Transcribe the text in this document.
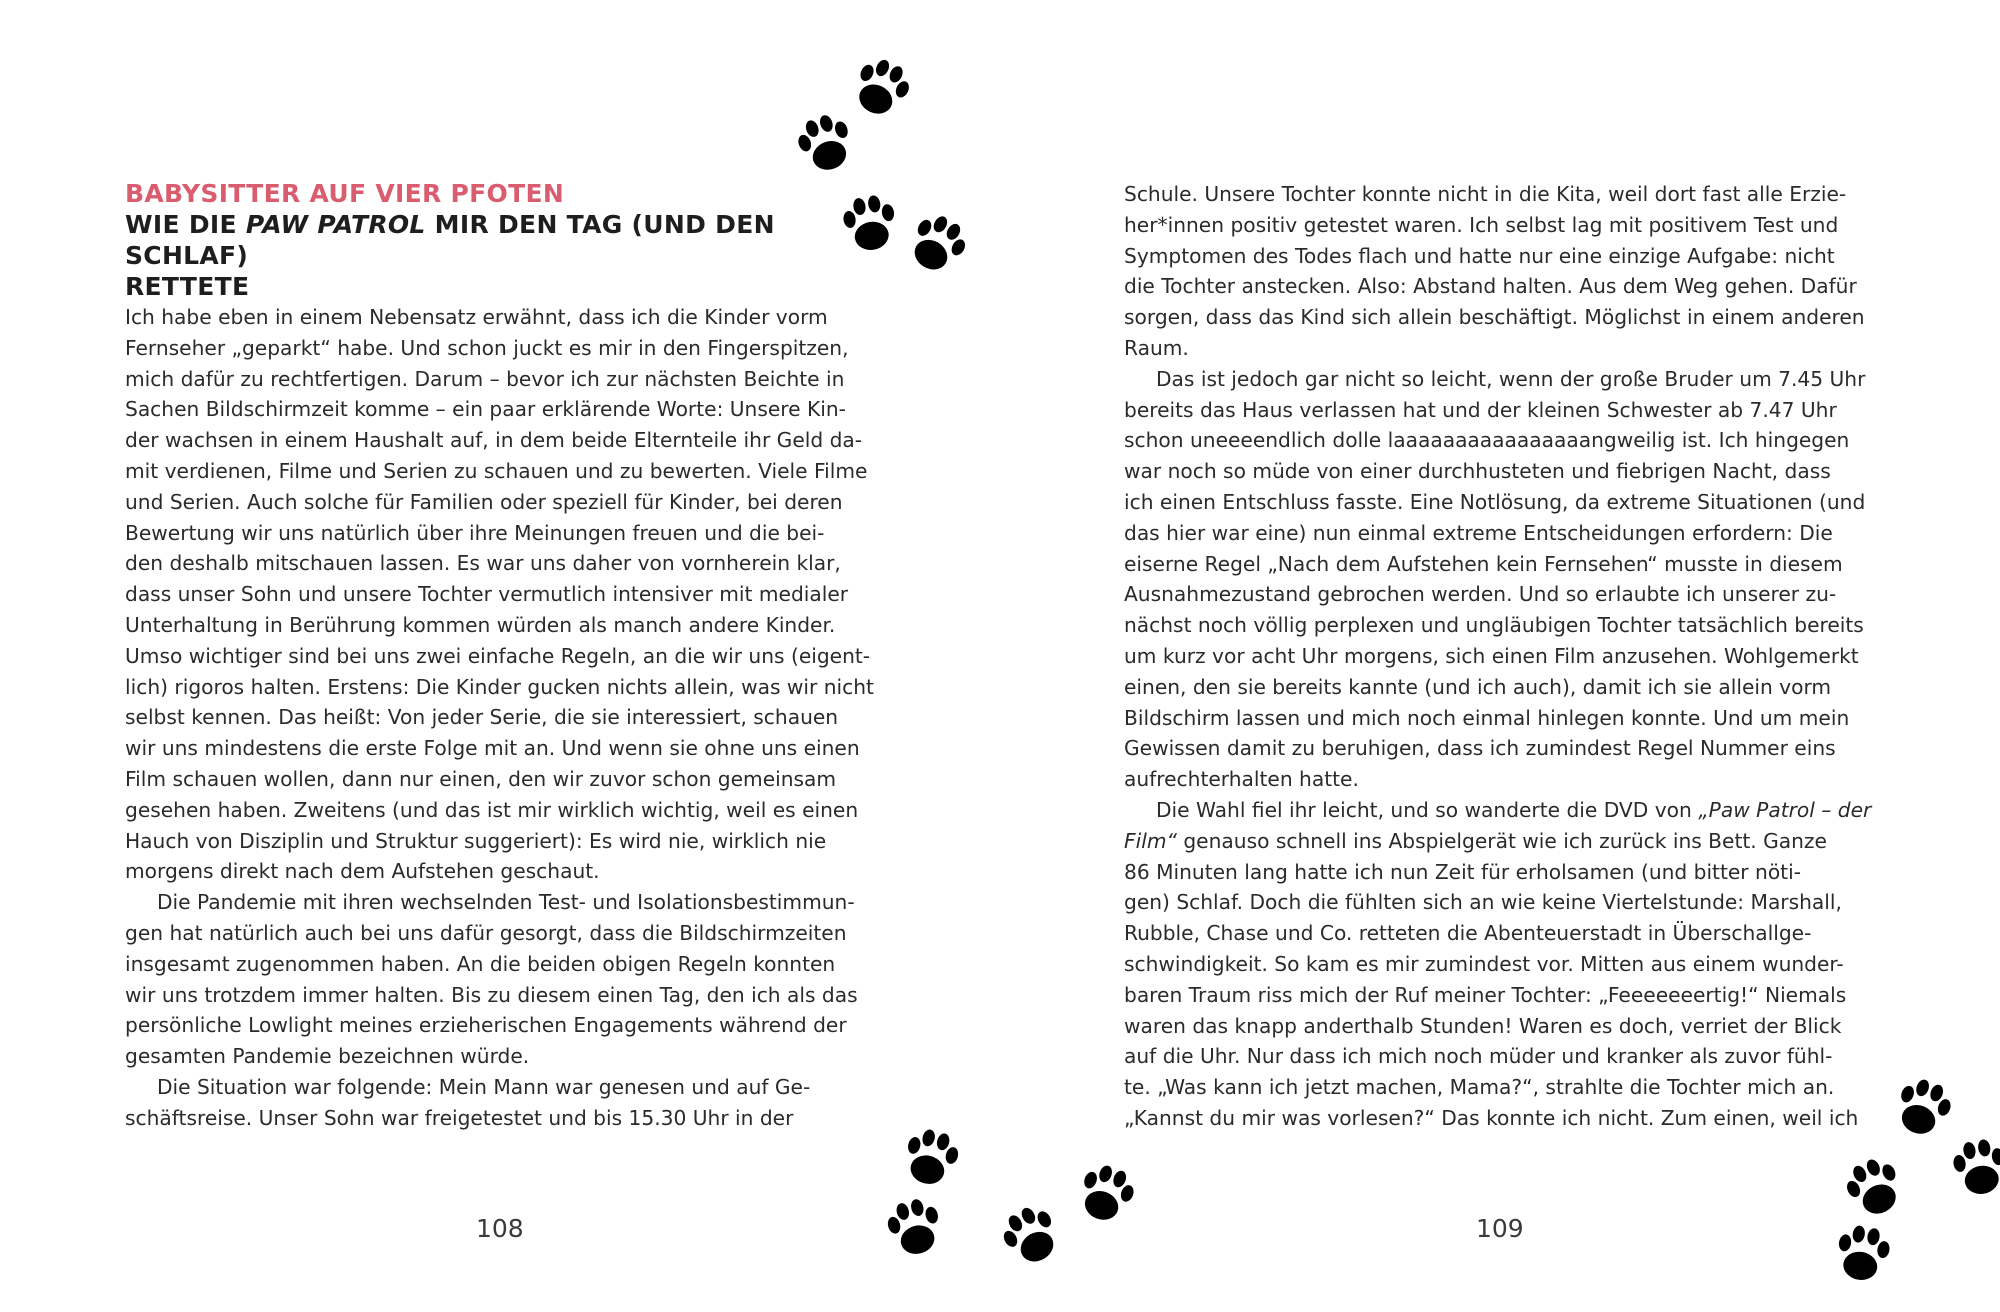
BABYSITTER AUF VIER PFOTEN
WIE DIE PAW PATROL MIR DEN TAG (UND DEN SCHLAF)
RETTETE
Ich habe eben in einem Nebensatz erwähnt, dass ich die Kinder vorm
Fernseher „geparkt“ habe. Und schon juckt es mir in den Fingerspitzen,
mich dafür zu rechtfertigen. Darum – bevor ich zur nächsten Beichte in
Sachen Bildschirmzeit komme – ein paar erklärende Worte: Unsere Kin-
der wachsen in einem Haushalt auf, in dem beide Elternteile ihr Geld da-
mit verdienen, Filme und Serien zu schauen und zu bewerten. Viele Filme
und Serien. Auch solche für Familien oder speziell für Kinder, bei deren
Bewertung wir uns natürlich über ihre Meinungen freuen und die bei-
den deshalb mitschauen lassen. Es war uns daher von vornherein klar,
dass unser Sohn und unsere Tochter vermutlich intensiver mit medialer
Unterhaltung in Berührung kommen würden als manch andere Kinder.
Umso wichtiger sind bei uns zwei einfache Regeln, an die wir uns (eigent-
lich) rigoros halten. Erstens: Die Kinder gucken nichts allein, was wir nicht
selbst kennen. Das heißt: Von jeder Serie, die sie interessiert, schauen
wir uns mindestens die erste Folge mit an. Und wenn sie ohne uns einen
Film schauen wollen, dann nur einen, den wir zuvor schon gemeinsam
gesehen haben. Zweitens (und das ist mir wirklich wichtig, weil es einen
Hauch von Disziplin und Struktur suggeriert): Es wird nie, wirklich nie
morgens direkt nach dem Aufstehen geschaut.
Die Pandemie mit ihren wechselnden Test- und Isolationsbestimmun-
gen hat natürlich auch bei uns dafür gesorgt, dass die Bildschirmzeiten
insgesamt zugenommen haben. An die beiden obigen Regeln konnten
wir uns trotzdem immer halten. Bis zu diesem einen Tag, den ich als das
persönliche Lowlight meines erzieherischen Engagements während der
gesamten Pandemie bezeichnen würde.
Die Situation war folgende: Mein Mann war genesen und auf Ge-
schäftsreise. Unser Sohn war freigetestet und bis 15.30 Uhr in der
108
Schule. Unsere Tochter konnte nicht in die Kita, weil dort fast alle Erzie-
her*innen positiv getestet waren. Ich selbst lag mit positivem Test und
Symptomen des Todes flach und hatte nur eine einzige Aufgabe: nicht
die Tochter anstecken. Also: Abstand halten. Aus dem Weg gehen. Dafür
sorgen, dass das Kind sich allein beschäftigt. Möglichst in einem anderen
Raum.
Das ist jedoch gar nicht so leicht, wenn der große Bruder um 7.45 Uhr
bereits das Haus verlassen hat und der kleinen Schwester ab 7.47 Uhr
schon uneeeendlich dolle laaaaaaaaaaaaaaaangweilig ist. Ich hingegen
war noch so müde von einer durchhusteten und fiebrigen Nacht, dass
ich einen Entschluss fasste. Eine Notlösung, da extreme Situationen (und
das hier war eine) nun einmal extreme Entscheidungen erfordern: Die
eiserne Regel „Nach dem Aufstehen kein Fernsehen“ musste in diesem
Ausnahmezustand gebrochen werden. Und so erlaubte ich unserer zu-
nächst noch völlig perplexen und ungläubigen Tochter tatsächlich bereits
um kurz vor acht Uhr morgens, sich einen Film anzusehen. Wohlgemerkt
einen, den sie bereits kannte (und ich auch), damit ich sie allein vorm
Bildschirm lassen und mich noch einmal hinlegen konnte. Und um mein
Gewissen damit zu beruhigen, dass ich zumindest Regel Nummer eins
aufrechterhalten hatte.
Die Wahl fiel ihr leicht, und so wanderte die DVD von „Paw Patrol – der
Film“ genauso schnell ins Abspielgerät wie ich zurück ins Bett. Ganze
86 Minuten lang hatte ich nun Zeit für erholsamen (und bitter nöti-
gen) Schlaf. Doch die fühlten sich an wie keine Viertelstunde: Marshall,
Rubble, Chase und Co. retteten die Abenteuerstadt in Überschallge-
schwindigkeit. So kam es mir zumindest vor. Mitten aus einem wunder-
baren Traum riss mich der Ruf meiner Tochter: „Feeeeeeertig!“ Niemals
waren das knapp anderthalb Stunden! Waren es doch, verriet der Blick
auf die Uhr. Nur dass ich mich noch müder und kranker als zuvor fühl-
te. „Was kann ich jetzt machen, Mama?“, strahlte die Tochter mich an.
„Kannst du mir was vorlesen?“ Das konnte ich nicht. Zum einen, weil ich
109
